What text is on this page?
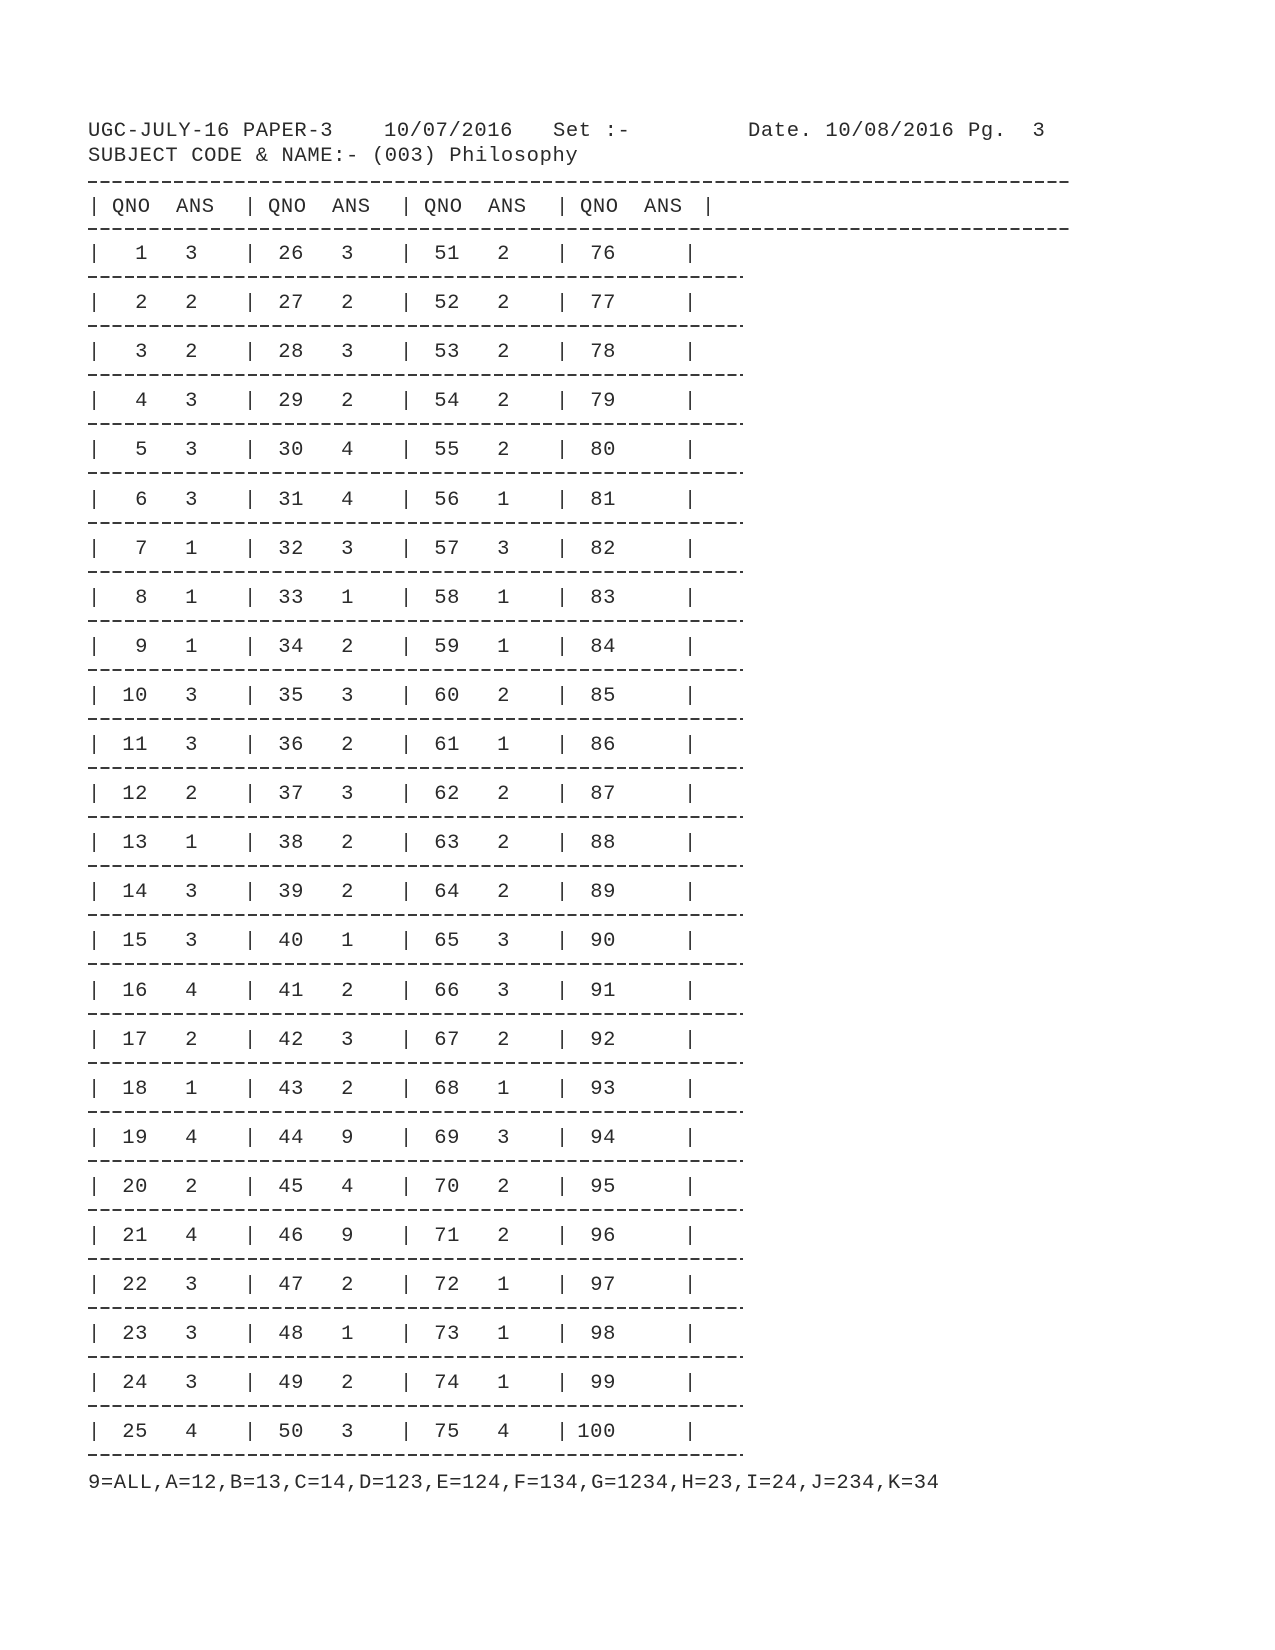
UGC-JULY-16 PAPER-3 10/07/2016 Set :-	Date. 10/08/2016 Pg.  3
SUBJECT CODE & NAME:- (003) Philosophy
| QNO ANS | QNO ANS | QNO ANS | QNO ANS |
|	|	|	|	|
1	3	26	3	51	2	76
|	|	|	|	|
2	2	27	2	52	2	77
|	|	|	|	|
3	2	28	3	53	2	78
|	|	|	|	|
4	3	29	2	54	2	79
|	|	|	|	|
5	3	30	4	55	2	80
|	|	|	|	|
6	3	31	4	56	1	81
|	|	|	|	|
7	1	32	3	57	3	82
|	|	|	|	|
8	1	33	1	58	1	83
|	|	|	|	|
9	1	34	2	59	1	84
|	|	|	|	|
10	3	35	3	60	2	85
|	|	|	|	|
11	3	36	2	61	1	86
|	|	|	|	|
12	2	37	3	62	2	87
|	|	|	|	|
13	1	38	2	63	2	88
|	|	|	|	|
14	3	39	2	64	2	89
|	|	|	|	|
15	3	40	1	65	3	90
|	|	|	|	|
16	4	41	2	66	3	91
|	|	|	|	|
17	2	42	3	67	2	92
|	|	|	|	|
18	1	43	2	68	1	93
|	|	|	|	|
19	4	44	9	69	3	94
|	|	|	|	|
20	2	45	4	70	2	95
|	|	|	|	|
21	4	46	9	71	2	96
|	|	|	|	|
22	3	47	2	72	1	97
|	|	|	|	|
23	3	48	1	73	1	98
|	|	|	|	|
24	3	49	2	74	1	99
|	|	|	|	|
25	4	50	3	75	4	100
9=ALL,A=12,B=13,C=14,D=123,E=124,F=134,G=1234,H=23,I=24,J=234,K=34
